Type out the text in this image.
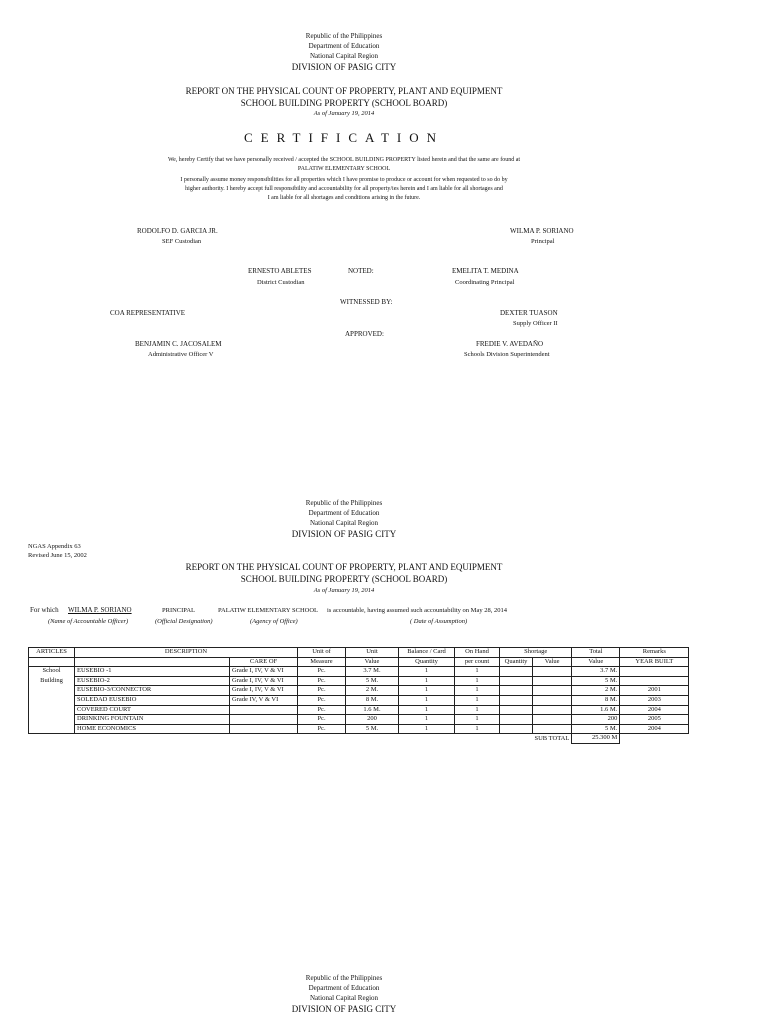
Republic of the Philippines
Department of Education
National Capital Region
DIVISION OF PASIG CITY
REPORT ON THE PHYSICAL COUNT OF PROPERTY, PLANT AND EQUIPMENT
SCHOOL BUILDING PROPERTY (SCHOOL BOARD)
As of January 19, 2014
CERTIFICATION
We, hereby Certify that we have personally received / accepted the SCHOOL BUILDING PROPERTY listed herein and that the same are found at
PALATIW ELEMENTARY SCHOOL
I personally assume money responsibilities for all properties which I have promise to produce or account for when requested to so do by
higher authority. I hereby accept full responsibility and accountability for all property/ies herein and I am liable for all shortages and
I am liable for all shortages and conditions arising in the future.
RODOLFO D. GARCIA JR.
SEF Custodian
WILMA P. SORIANO
Principal
ERNESTO ABLETES
District Custodian
NOTED:	EMELITA T. MEDINA
Coordinating Principal
WITNESSED BY:
COA REPRESENTATIVE	DEXTER TUASON
Supply Officer II
APPROVED:
BENJAMIN C. JACOSALEM
Administrative Officer V
FREDIE V. AVEDAÑO
Schools Division Superintendent
Republic of the Philippines
Department of Education
National Capital Region
DIVISION OF PASIG CITY
NGAS Appendix 63
Revised June 15, 2002
REPORT ON THE PHYSICAL COUNT OF PROPERTY, PLANT AND EQUIPMENT
SCHOOL BUILDING PROPERTY (SCHOOL BOARD)
As of January 19, 2014
For which WILMA P. SORIANO	PRINCIPAL	PALATIW ELEMENTARY SCHOOL is accountable, having assumed such accountability on May 28, 2014
(Name of Accountable Officer)	(Official Designation)	(Agency of Office)	( Date of Assumption)
ARTICLES	DESCRIPTION		Unit of	Unit	Balance / Card	On Hand	Shortage		Total	Remarks
		CARE OF	Measure	Value	Quantity	per count	Quantity	Value	Value	YEAR BUILT
School	EUSEBIO -1	Grade I, IV, V & VI	Pc.	3.7 M.	1	1			3.7 M.	
Building	EUSEBIO-2	Grade I, IV, V & VI	Pc.	5 M.	1	1			5 M.	
	EUSEBIO-3/CONNECTOR	Grade I, IV, V & VI	Pc.	2 M.	1	1			2 M.	2001
	SOLEDAD EUSEBIO	Grade IV, V & VI	Pc.	8 M.	1	1			8 M.	2003
	COVERED COURT		Pc.	1.6 M.	1	1			1.6 M.	2004
	DRINKING FOUNTAIN		Pc.	200	1	1			200	2005
	HOME ECONOMICS		Pc.	5 M.	1	1			5 M.	2004
								SUB TOTAL	25.300 M	
Republic of the Philippines
Department of Education
National Capital Region
DIVISION OF PASIG CITY
